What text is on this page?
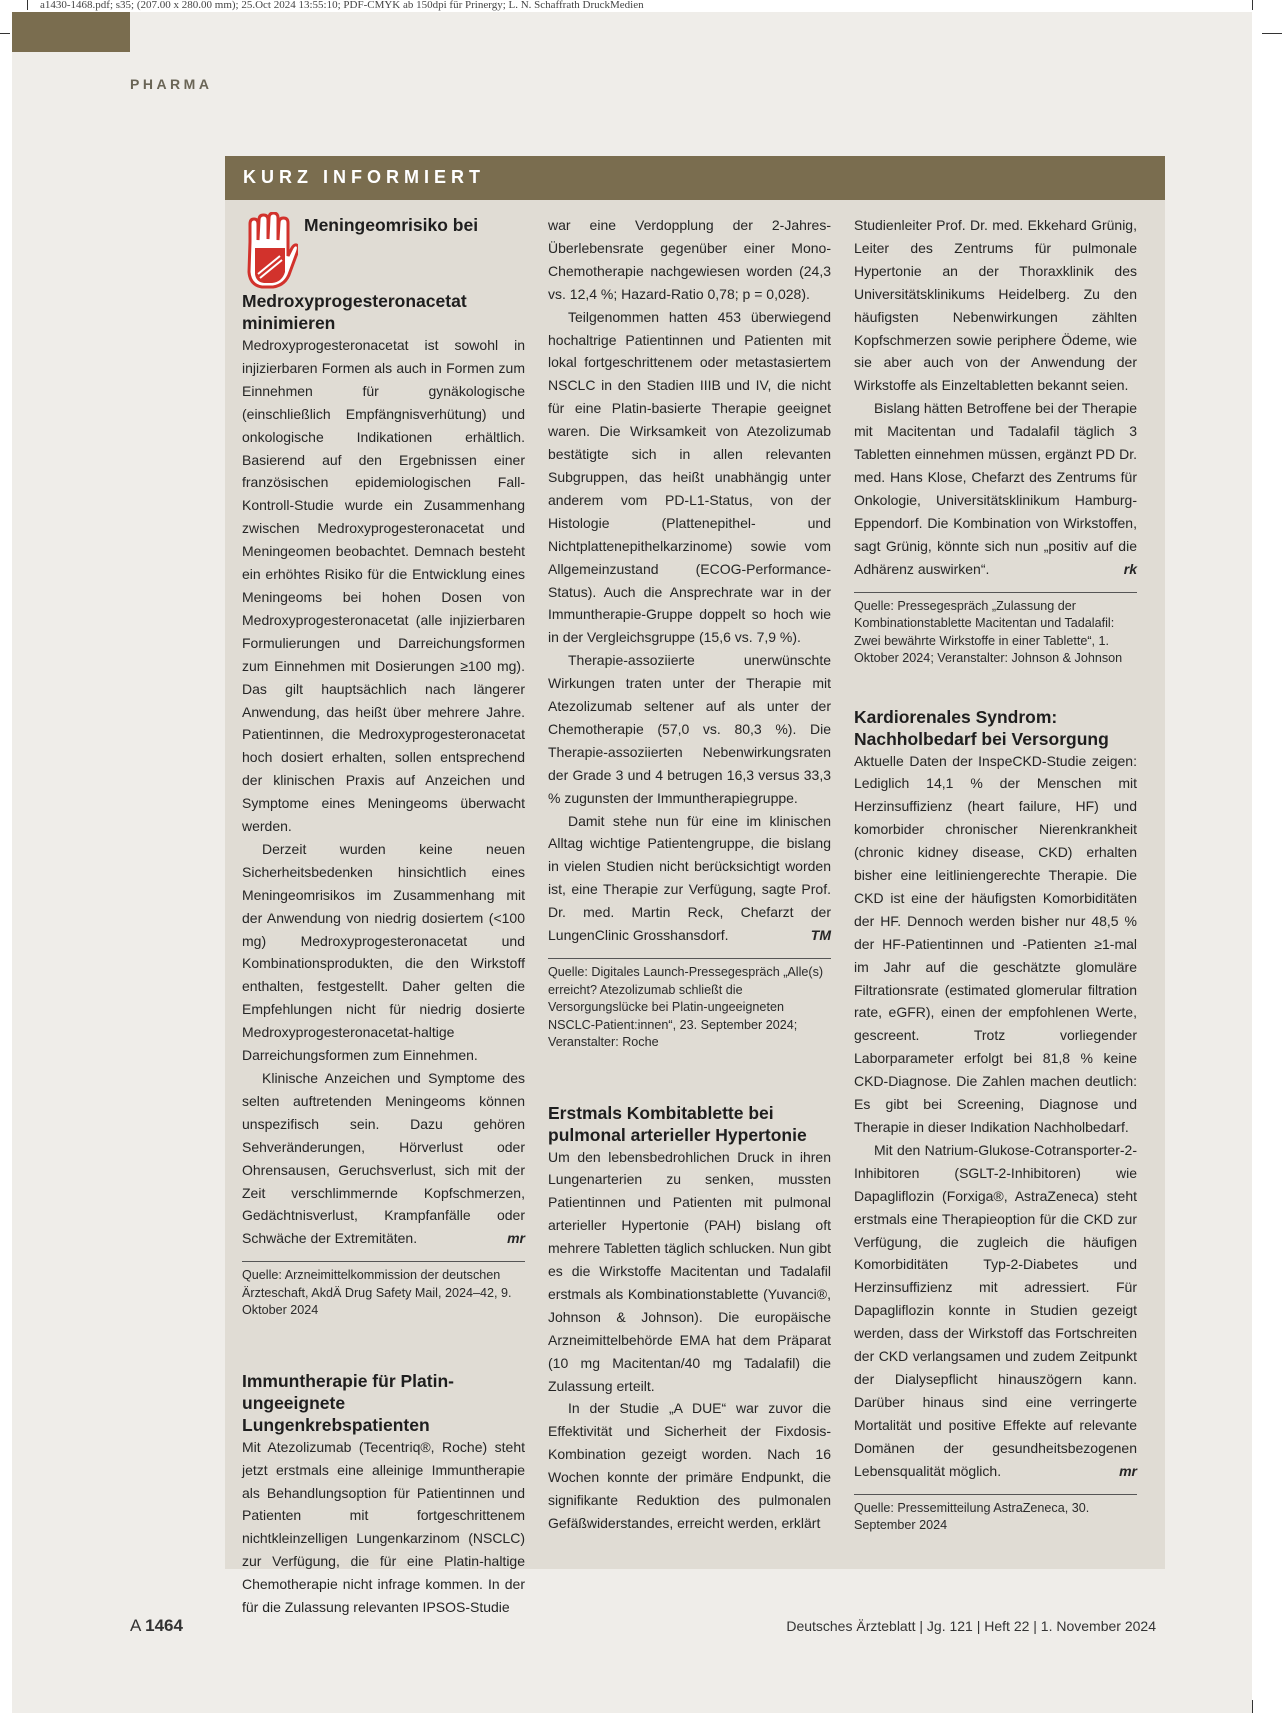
a1430-1468.pdf; s35; (207.00 x 280.00 mm); 25.Oct 2024 13:55:10; PDF-CMYK ab 150dpi für Prinergy; L. N. Schaffrath DruckMedien
PHARMA
KURZ INFORMIERT
Meningeomrisiko bei Medroxyprogesteronacetat minimieren

Medroxyprogesteronacetat ist sowohl in injizierbaren Formen als auch in Formen zum Einnehmen für gynäkologische (einschließlich Empfängnisverhütung) und onkologische Indikationen erhältlich. Basierend auf den Ergebnissen einer französischen epidemiologischen Fall-Kontroll-Studie wurde ein Zusammenhang zwischen Medroxyprogesteronacetat und Meningeomen beobachtet. Demnach besteht ein erhöhtes Risiko für die Entwicklung eines Meningeoms bei hohen Dosen von Medroxyprogesteronacetat (alle injizierbaren Formulierungen und Darreichungsformen zum Einnehmen mit Dosierungen ≥100 mg). Das gilt hauptsächlich nach längerer Anwendung, das heißt über mehrere Jahre. Patientinnen, die Medroxyprogesteronacetat hoch dosiert erhalten, sollen entsprechend der klinischen Praxis auf Anzeichen und Symptome eines Meningeoms überwacht werden.

Derzeit wurden keine neuen Sicherheitsbedenken hinsichtlich eines Meningeomrisikos im Zusammenhang mit der Anwendung von niedrig dosiertem (<100 mg) Medroxyprogesteronacetat und Kombinationsprodukten, die den Wirkstoff enthalten, festgestellt. Daher gelten die Empfehlungen nicht für niedrig dosierte Medroxyprogesteronacetat-haltige Darreichungsformen zum Einnehmen.

Klinische Anzeichen und Symptome des selten auftretenden Meningeoms können unspezifisch sein. Dazu gehören Sehveränderungen, Hörverlust oder Ohrensausen, Geruchsverlust, sich mit der Zeit verschlimmernde Kopfschmerzen, Gedächtnisverlust, Krampfanfälle oder Schwäche der Extremitäten.	mr

Quelle: Arzneimittelkommission der deutschen Ärzteschaft, AkdÄ Drug Safety Mail, 2024–42, 9. Oktober 2024
Immuntherapie für Platin-ungeeignete Lungenkrebspatienten

Mit Atezolizumab (Tecentriq®, Roche) steht jetzt erstmals eine alleinige Immuntherapie als Behandlungsoption für Patientinnen und Patienten mit fortgeschrittenem nichtkleinzelligen Lungenkarzinom (NSCLC) zur Verfügung, die für eine Platin-haltige Chemotherapie nicht infrage kommen. In der für die Zulassung relevanten IPSOS-Studie

war eine Verdopplung der 2-Jahres-Überlebensrate gegenüber einer Mono-Chemotherapie nachgewiesen worden (24,3 vs. 12,4 %; Hazard-Ratio 0,78; p = 0,028).

Teilgenommen hatten 453 überwiegend hochaltrige Patientinnen und Patienten mit lokal fortgeschrittenem oder metastasiertem NSCLC in den Stadien IIIB und IV, die nicht für eine Platin-basierte Therapie geeignet waren. Die Wirksamkeit von Atezolizumab bestätigte sich in allen relevanten Subgruppen, das heißt unabhängig unter anderem vom PD-L1-Status, von der Histologie (Plattenepithel- und Nichtplattenepithelkarzinome) sowie vom Allgemeinzustand (ECOG-Performance-Status). Auch die Ansprechrate war in der Immuntherapie-Gruppe doppelt so hoch wie in der Vergleichsgruppe (15,6 vs. 7,9 %).

Therapie-assoziierte unerwünschte Wirkungen traten unter der Therapie mit Atezolizumab seltener auf als unter der Chemotherapie (57,0 vs. 80,3 %). Die Therapie-assoziierten Nebenwirkungsraten der Grade 3 und 4 betrugen 16,3 versus 33,3 % zugunsten der Immuntherapiegruppe.

Damit stehe nun für eine im klinischen Alltag wichtige Patientengruppe, die bislang in vielen Studien nicht berücksichtigt worden ist, eine Therapie zur Verfügung, sagte Prof. Dr. med. Martin Reck, Chefarzt der LungenClinic Grosshansdorf.	TM

Quelle: Digitales Launch-Pressegespräch „Alle(s) erreicht? Atezolizumab schließt die Versorgungslücke bei Platin-ungeeigneten NSCLC-Patient:innen“, 23. September 2024; Veranstalter: Roche
Erstmals Kombitablette bei pulmonal arterieller Hypertonie

Um den lebensbedrohlichen Druck in ihren Lungenarterien zu senken, mussten Patientinnen und Patienten mit pulmonal arterieller Hypertonie (PAH) bislang oft mehrere Tabletten täglich schlucken. Nun gibt es die Wirkstoffe Macitentan und Tadalafil erstmals als Kombinationstablette (Yuvanci®, Johnson & Johnson). Die europäische Arzneimittelbehörde EMA hat dem Präparat (10 mg Macitentan/40 mg Tadalafil) die Zulassung erteilt.

In der Studie „A DUE“ war zuvor die Effektivität und Sicherheit der Fixdosis-Kombination gezeigt worden. Nach 16 Wochen konnte der primäre Endpunkt, die signifikante Reduktion des pulmonalen Gefäßwiderstandes, erreicht werden, erklärt

Studienleiter Prof. Dr. med. Ekkehard Grünig, Leiter des Zentrums für pulmonale Hypertonie an der Thoraxklinik des Universitätsklinikums Heidelberg. Zu den häufigsten Nebenwirkungen zählten Kopfschmerzen sowie periphere Ödeme, wie sie aber auch von der Anwendung der Wirkstoffe als Einzeltabletten bekannt seien.

Bislang hätten Betroffene bei der Therapie mit Macitentan und Tadalafil täglich 3 Tabletten einnehmen müssen, ergänzt PD Dr. med. Hans Klose, Chefarzt des Zentrums für Onkologie, Universitätsklinikum Hamburg-Eppendorf. Die Kombination von Wirkstoffen, sagt Grünig, könnte sich nun „positiv auf die Adhärenz auswirken“.	rk

Quelle: Pressegespräch „Zulassung der Kombinationstablette Macitentan und Tadalafil: Zwei bewährte Wirkstoffe in einer Tablette“, 1. Oktober 2024; Veranstalter: Johnson & Johnson
Kardiorenales Syndrom: Nachholbedarf bei Versorgung

Aktuelle Daten der InspeCKD-Studie zeigen: Lediglich 14,1 % der Menschen mit Herzinsuffizienz (heart failure, HF) und komorbider chronischer Nierenkrankheit (chronic kidney disease, CKD) erhalten bisher eine leitliniengerechte Therapie. Die CKD ist eine der häufigsten Komorbiditäten der HF. Dennoch werden bisher nur 48,5 % der HF-Patientinnen und -Patienten ≥1-mal im Jahr auf die geschätzte glomuläre Filtrationsrate (estimated glomerular filtration rate, eGFR), einen der empfohlenen Werte, gescreent. Trotz vorliegender Laborparameter erfolgt bei 81,8 % keine CKD-Diagnose. Die Zahlen machen deutlich: Es gibt bei Screening, Diagnose und Therapie in dieser Indikation Nachholbedarf.

Mit den Natrium-Glukose-Cotransporter-2-Inhibitoren (SGLT-2-Inhibitoren) wie Dapagliflozin (Forxiga®, AstraZeneca) steht erstmals eine Therapieoption für die CKD zur Verfügung, die zugleich die häufigen Komorbiditäten Typ-2-Diabetes und Herzinsuffizienz mit adressiert. Für Dapagliflozin konnte in Studien gezeigt werden, dass der Wirkstoff das Fortschreiten der CKD verlangsamen und zudem Zeitpunkt der Dialysepflicht hinauszögern kann. Darüber hinaus sind eine verringerte Mortalität und positive Effekte auf relevante Domänen der gesundheitsbezogenen Lebensqualität möglich.	mr

Quelle: Pressemitteilung AstraZeneca, 30. September 2024
A 1464	Deutsches Ärzteblatt | Jg. 121 | Heft 22 | 1. November 2024
